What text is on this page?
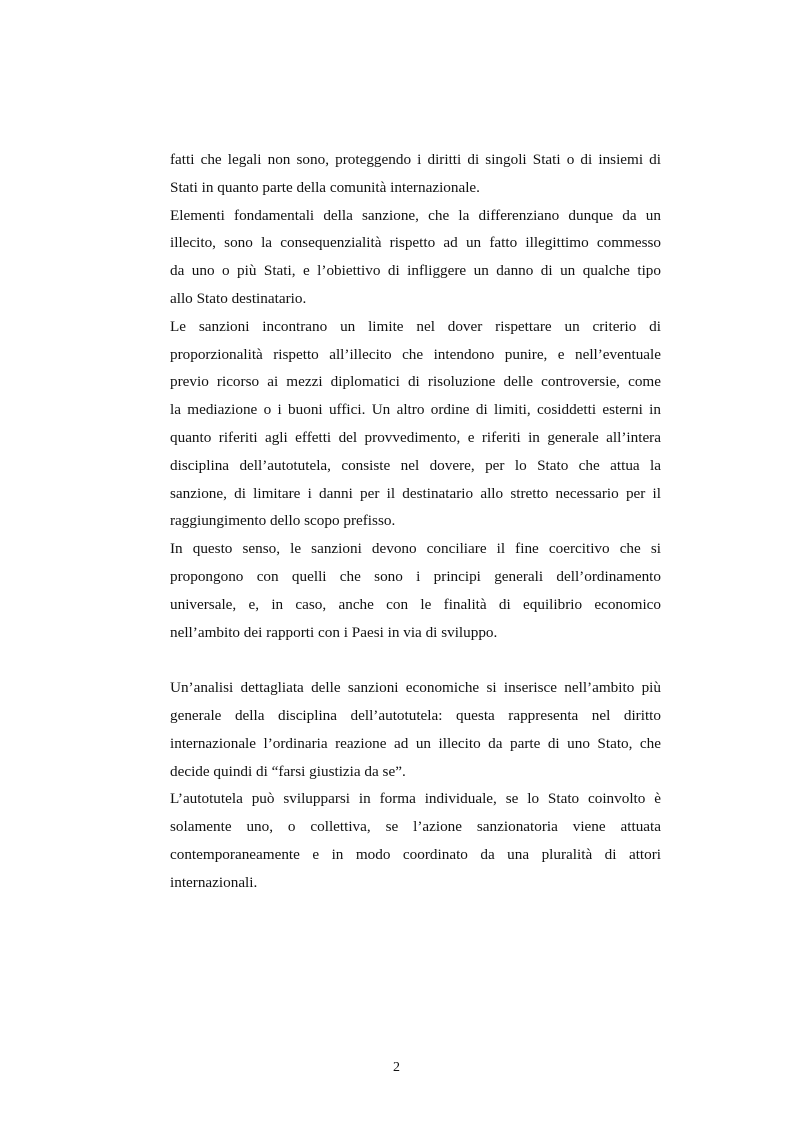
fatti che legali non sono, proteggendo i diritti di singoli Stati o di insiemi di
Stati in quanto parte della comunità internazionale.
Elementi fondamentali della sanzione, che la differenziano dunque da un
illecito, sono la consequenzialità rispetto ad un fatto illegittimo commesso
da uno o più Stati, e l’obiettivo di infliggere un danno di un qualche tipo
allo Stato destinatario.
Le sanzioni incontrano un limite nel dover rispettare un criterio di
proporzionalità rispetto all’illecito che intendono punire, e nell’eventuale
previo ricorso ai mezzi diplomatici di risoluzione delle controversie, come
la mediazione o i buoni uffici. Un altro ordine di limiti, cosiddetti esterni in
quanto riferiti agli effetti del provvedimento, e riferiti in generale all’intera
disciplina dell’autotutela, consiste nel dovere, per lo Stato che attua la
sanzione, di limitare i danni per il destinatario allo stretto necessario per il
raggiungimento dello scopo prefisso.
In questo senso, le sanzioni devono conciliare il fine coercitivo che si
propongono con quelli che sono i principi generali dell’ordinamento
universale, e, in caso, anche con le finalità di equilibrio economico
nell’ambito dei rapporti con i Paesi in via di sviluppo.
Un’analisi dettagliata delle sanzioni economiche si inserisce nell’ambito più
generale della disciplina dell’autotutela: questa rappresenta nel diritto
internazionale l’ordinaria reazione ad un illecito da parte di uno Stato, che
decide quindi di “farsi giustizia da se”.
L’autotutela può svilupparsi in forma individuale, se lo Stato coinvolto è
solamente uno, o collettiva, se l’azione sanzionatoria viene attuata
contemporaneamente e in modo coordinato da una pluralità di attori
internazionali.
2
